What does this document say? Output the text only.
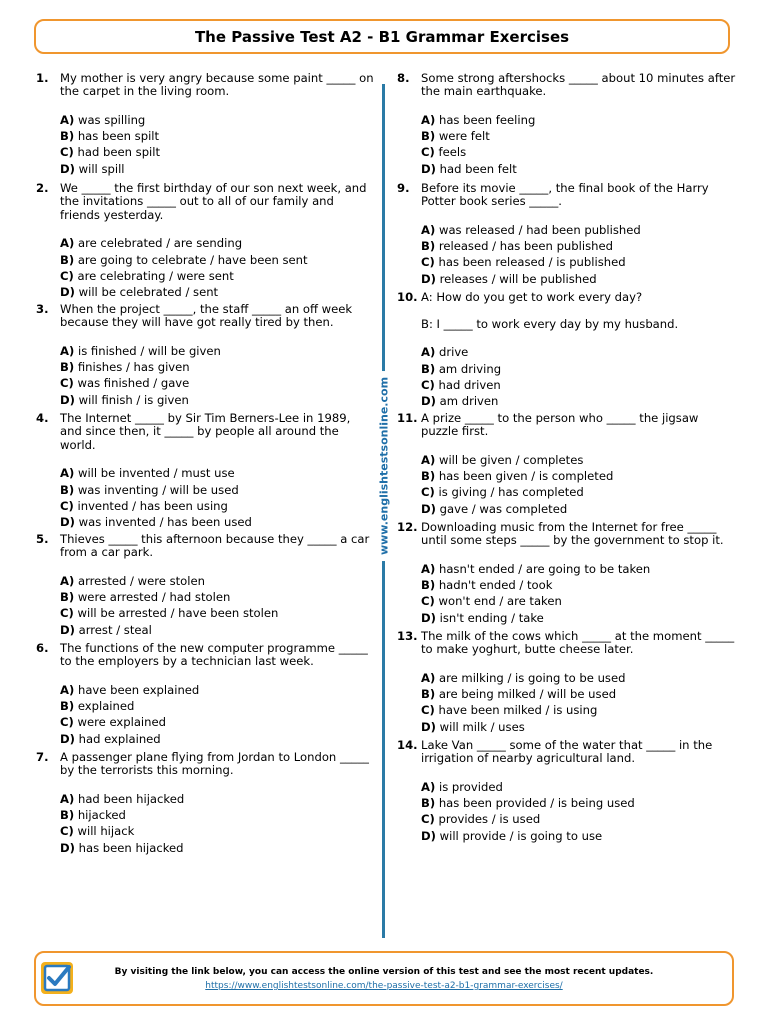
The Passive Test A2 - B1 Grammar Exercises
1. My mother is very angry because some paint _____ on
the carpet in the living room.
A) was spilling
B) has been spilt
C) had been spilt
D) will spill
2. We _____ the first birthday of our son next week, and
the invitations _____ out to all of our family and
friends yesterday.
A) are celebrated / are sending
B) are going to celebrate / have been sent
C) are celebrating / were sent
D) will be celebrated / sent
3. When the project _____, the staff _____ an off week
because they will have got really tired by then.
A) is finished / will be given
B) finishes / has given
C) was finished / gave
D) will finish / is given
4. The Internet _____ by Sir Tim Berners-Lee in 1989,
and since then, it _____ by people all around the
world.
A) will be invented / must use
B) was inventing / will be used
C) invented / has been using
D) was invented / has been used
5. Thieves _____ this afternoon because they _____ a car
from a car park.
A) arrested / were stolen
B) were arrested / had stolen
C) will be arrested / have been stolen
D) arrest / steal
6. The functions of the new computer programme _____
to the employers by a technician last week.
A) have been explained
B) explained
C) were explained
D) had explained
7. A passenger plane flying from Jordan to London _____
by the terrorists this morning.
A) had been hijacked
B) hijacked
C) will hijack
D) has been hijacked
8. Some strong aftershocks _____ about 10 minutes after
the main earthquake.
A) has been feeling
B) were felt
C) feels
D) had been felt
9. Before its movie _____, the final book of the Harry
Potter book series _____.
A) was released / had been published
B) released / has been published
C) has been released / is published
D) releases / will be published
10. A: How do you get to work every day?
B: I _____ to work every day by my husband.
A) drive
B) am driving
C) had driven
D) am driven
11. A prize _____ to the person who _____ the jigsaw
puzzle first.
A) will be given / completes
B) has been given / is completed
C) is giving / has completed
D) gave / was completed
12. Downloading music from the Internet for free _____
until some steps _____ by the government to stop it.
A) hasn't ended / are going to be taken
B) hadn't ended / took
C) won't end / are taken
D) isn't ending / take
13. The milk of the cows which _____ at the moment _____
to make yoghurt, butte cheese later.
A) are milking / is going to be used
B) are being milked / will be used
C) have been milked / is using
D) will milk / uses
14. Lake Van _____ some of the water that _____ in the
irrigation of nearby agricultural land.
A) is provided
B) has been provided / is being used
C) provides / is used
D) will provide / is going to use
www.englishtestsonline.com
By visiting the link below, you can access the online version of this test and see the most recent updates.
https://www.englishtestsonline.com/the-passive-test-a2-b1-grammar-exercises/
